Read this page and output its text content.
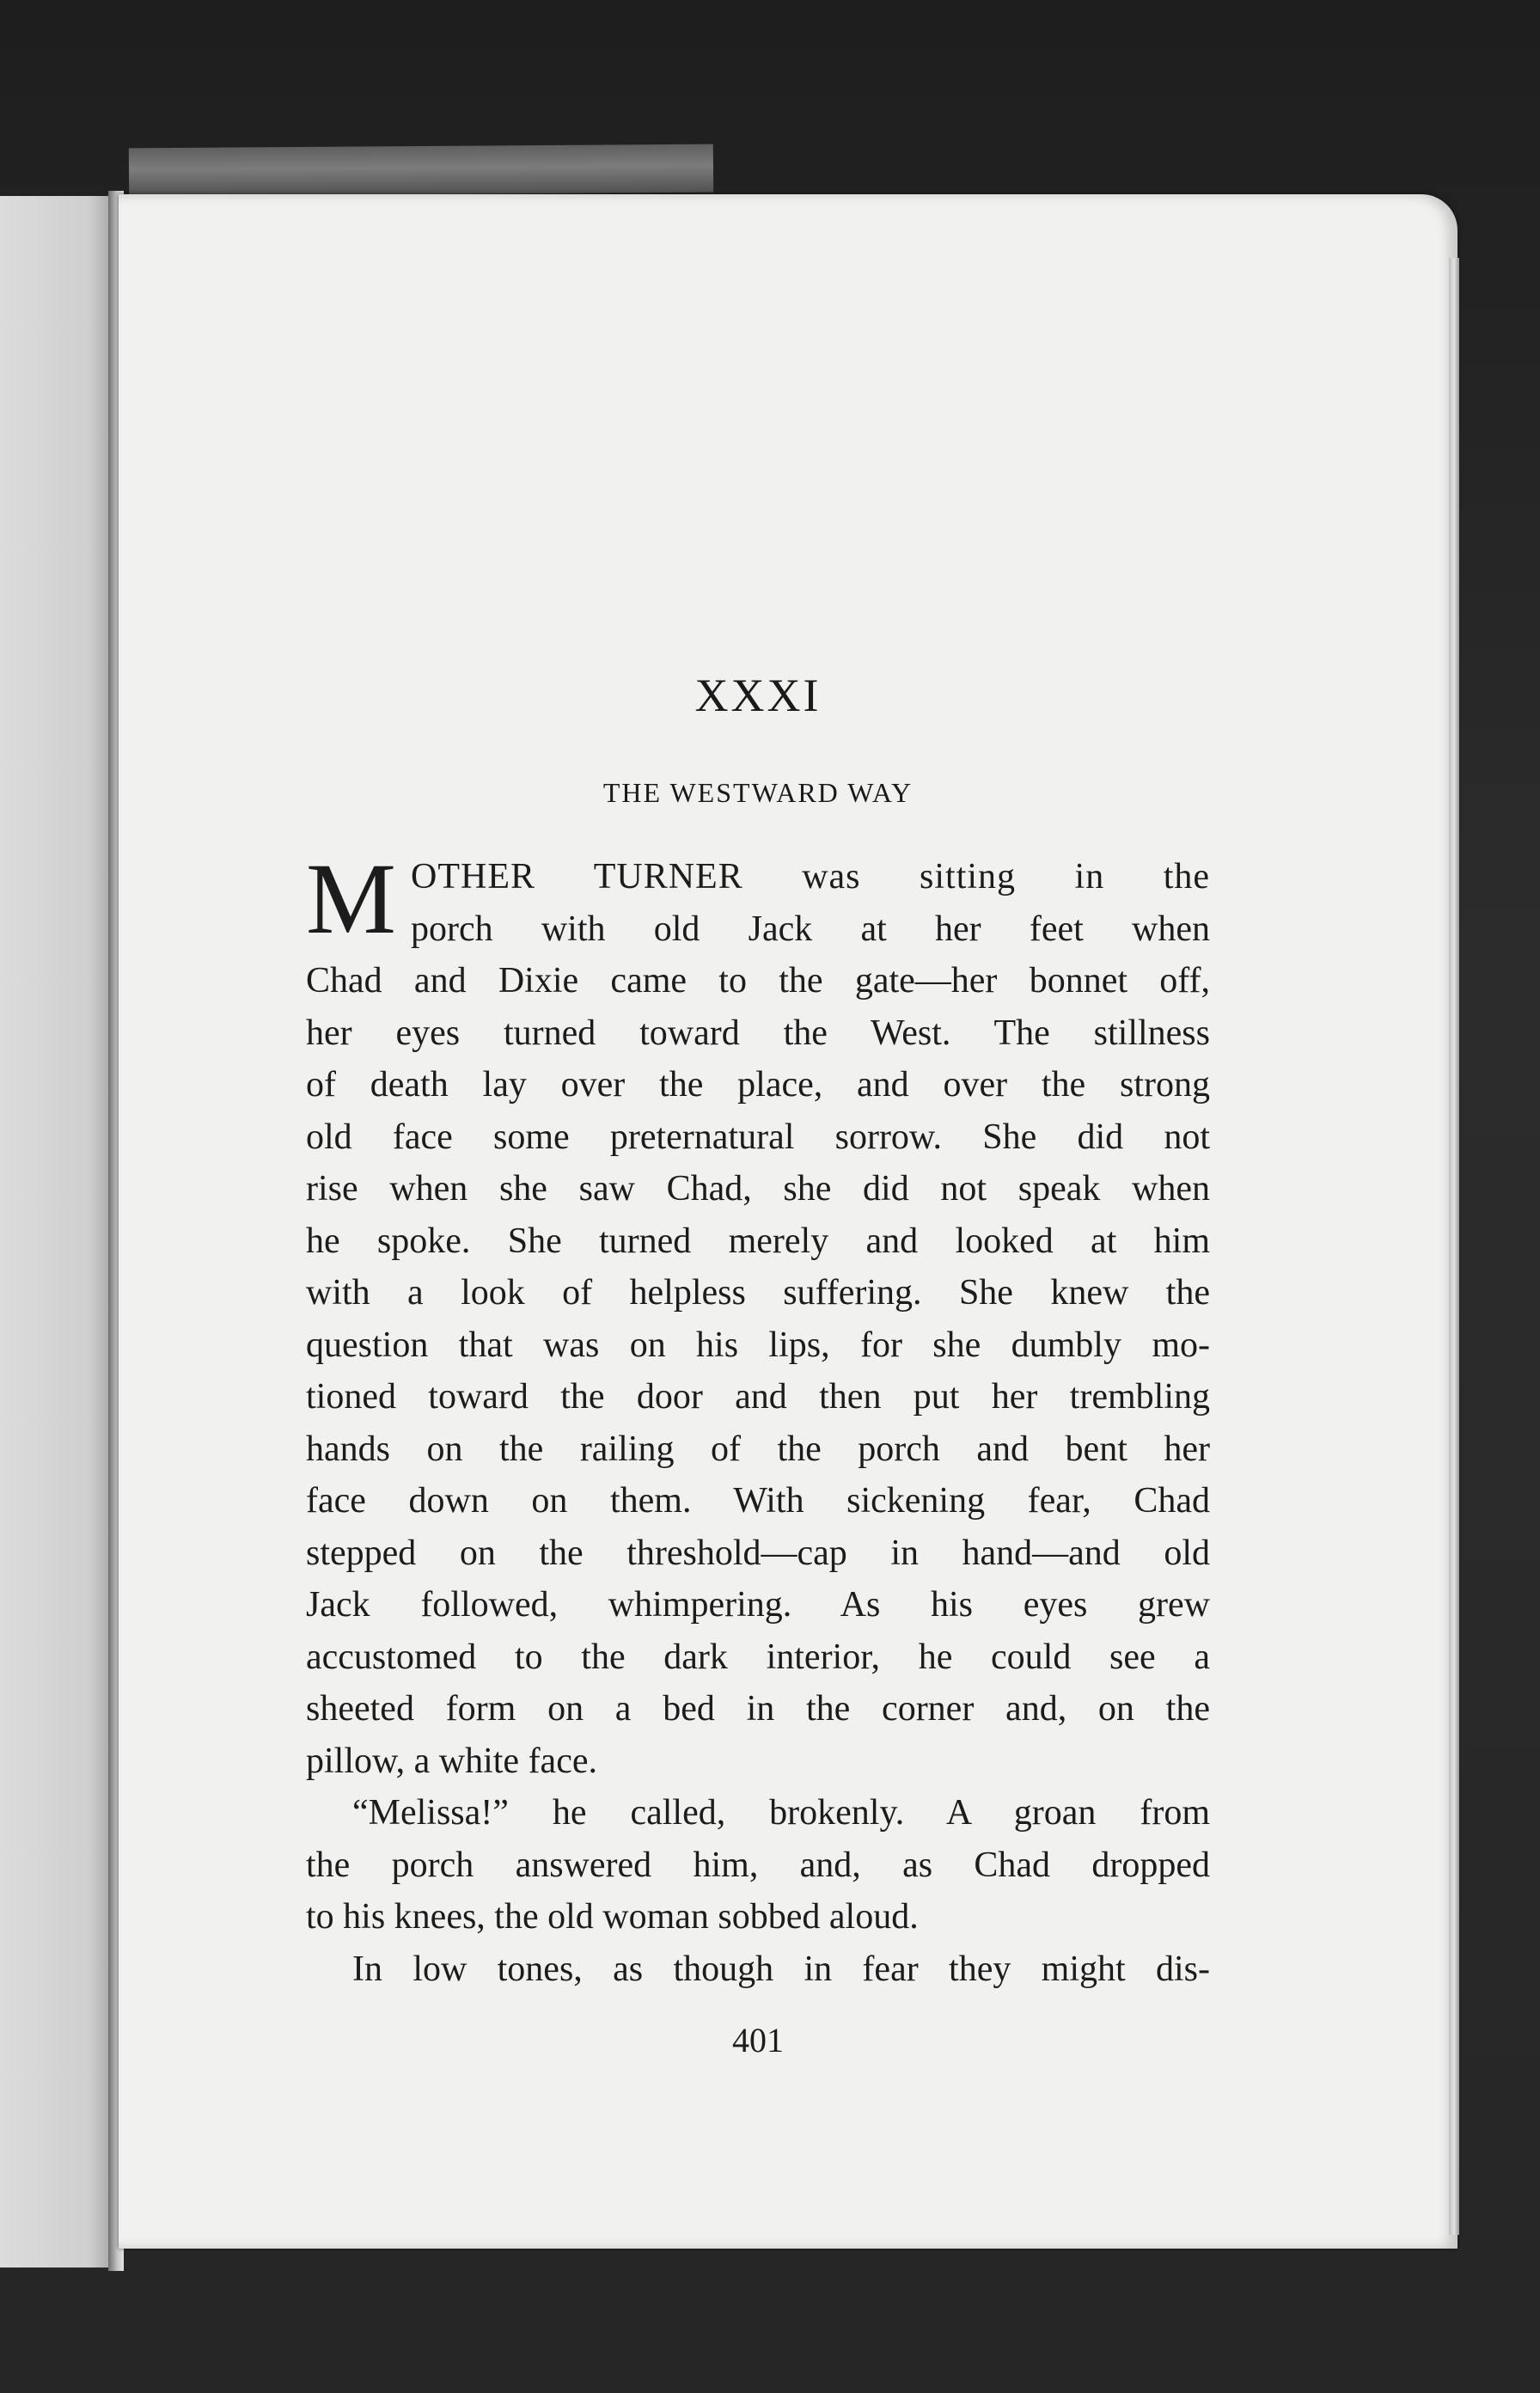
XXXI
THE WESTWARD WAY
M OTHER TURNER was sitting in the
porch with old Jack at her feet when
Chad and Dixie came to the gate—her bonnet off,
her eyes turned toward the West. The stillness
of death lay over the place, and over the strong
old face some preternatural sorrow. She did not
rise when she saw Chad, she did not speak when
he spoke. She turned merely and looked at him
with a look of helpless suffering. She knew the
question that was on his lips, for she dumbly mo-
tioned toward the door and then put her trembling
hands on the railing of the porch and bent her
face down on them. With sickening fear, Chad
stepped on the threshold—cap in hand—and old
Jack followed, whimpering. As his eyes grew
accustomed to the dark interior, he could see a
sheeted form on a bed in the corner and, on the
pillow, a white face.
“Melissa!” he called, brokenly. A groan from
the porch answered him, and, as Chad dropped
to his knees, the old woman sobbed aloud.
In low tones, as though in fear they might dis-
401
